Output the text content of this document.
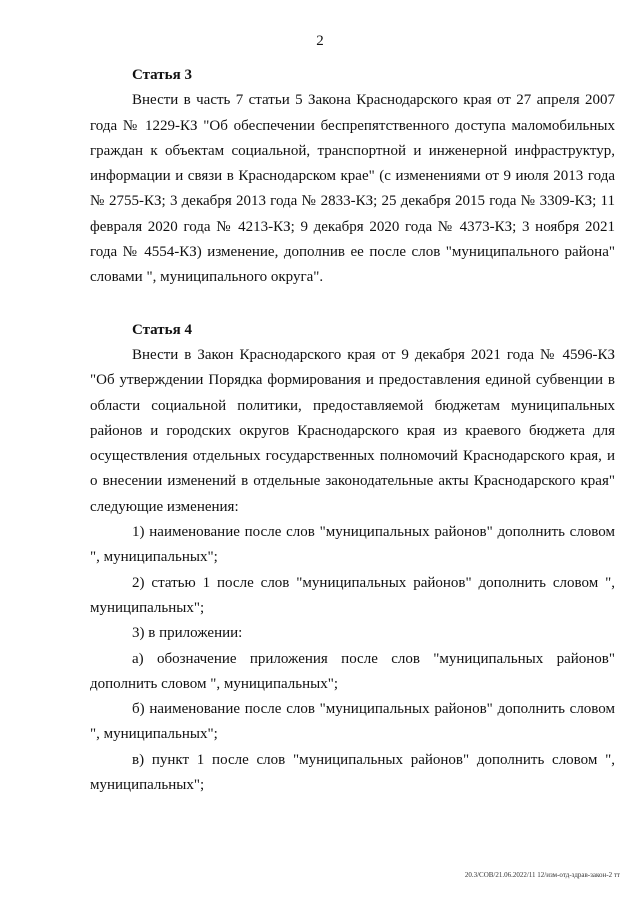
2

Статья 3

Внести в часть 7 статьи 5 Закона Краснодарского края от 27 апреля 2007 года № 1229-КЗ "Об обеспечении беспрепятственного доступа маломобильных граждан к объектам социальной, транспортной и инженерной инфраструктур, информации и связи в Краснодарском крае" (с изменениями от 9 июля 2013 года № 2755-КЗ; 3 декабря 2013 года № 2833-КЗ; 25 декабря 2015 года № 3309-КЗ; 11 февраля 2020 года № 4213-КЗ; 9 декабря 2020 года № 4373-КЗ; 3 ноября 2021 года № 4554-КЗ) изменение, дополнив ее после слов "муниципального района" словами ", муниципального округа".

Статья 4

Внести в Закон Краснодарского края от 9 декабря 2021 года № 4596-КЗ "Об утверждении Порядка формирования и предоставления единой субвенции в области социальной политики, предоставляемой бюджетам муниципальных районов и городских округов Краснодарского края из краевого бюджета для осуществления отдельных государственных полномочий Краснодарского края, и о внесении изменений в отдельные законодательные акты Краснодарского края" следующие изменения:

1) наименование после слов "муниципальных районов" дополнить словом ", муниципальных";

2) статью 1 после слов "муниципальных районов" дополнить словом ", муниципальных";

3) в приложении:

а) обозначение приложения после слов "муниципальных районов" дополнить словом ", муниципальных";

б) наименование после слов "муниципальных районов" дополнить словом ", муниципальных";

в) пункт 1 после слов "муниципальных районов" дополнить словом ", муниципальных";

20.3/СОВ/21.06.2022/11 12/изм-отд-здрав-закон-2 тт
